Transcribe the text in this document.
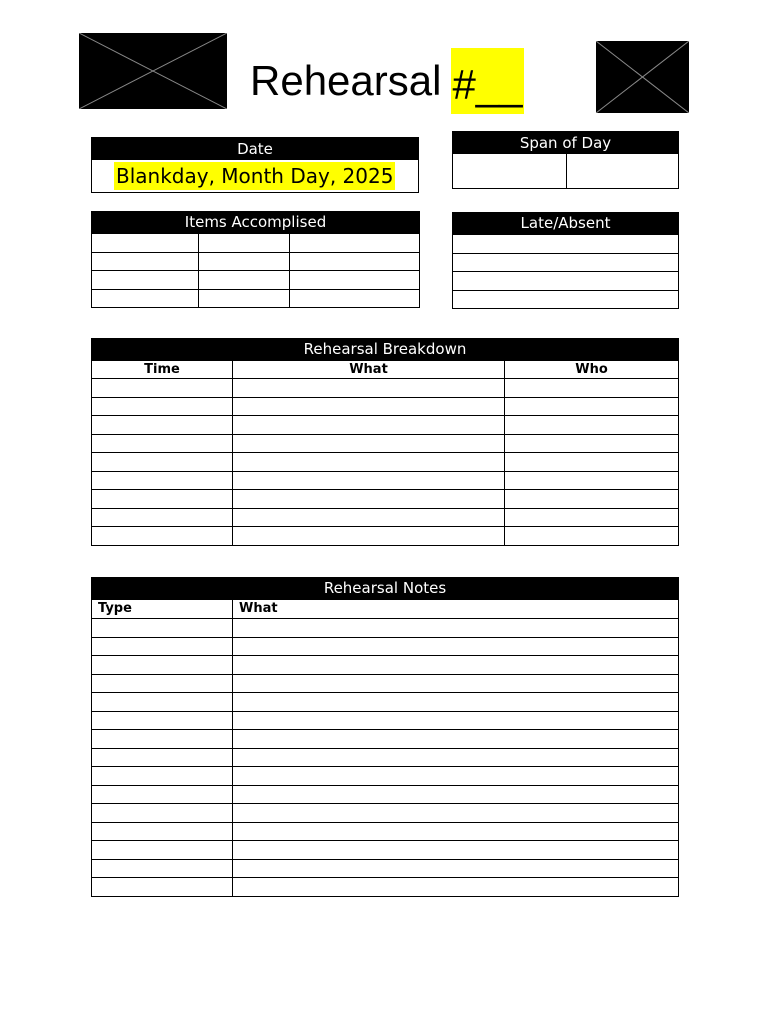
Rehearsal #__
Date
Blankday, Month Day, 2025
Span of Day

Items Accomplised

			Late/Absent

Rehearsal Breakdown
Time	What	Who

Rehearsal Notes
Type	What
